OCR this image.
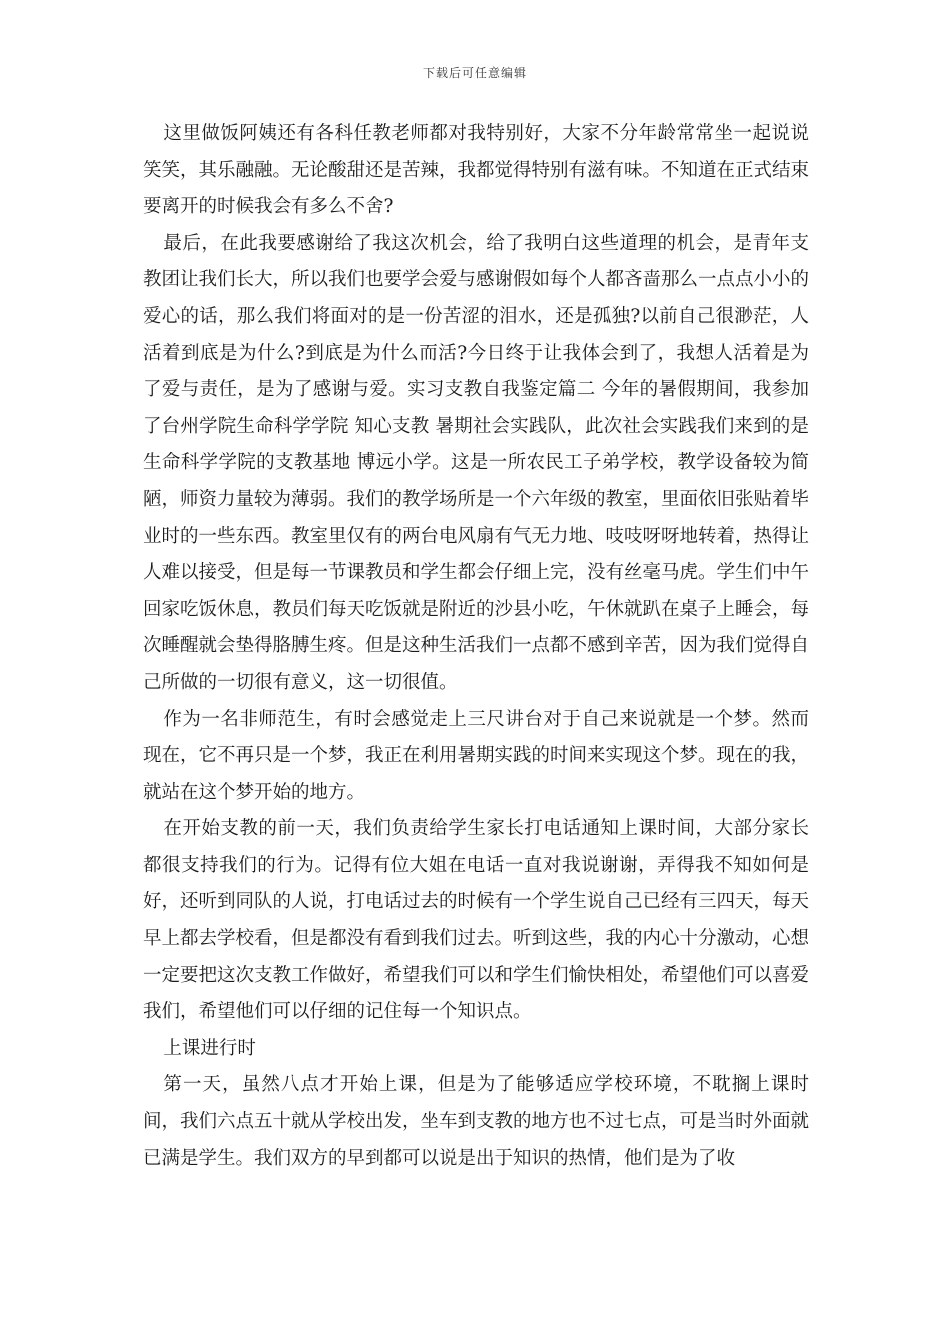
下载后可任意编辑

这里做饭阿姨还有各科任教老师都对我特别好，大家不分年龄常常坐一起说说笑笑，其乐融融。无论酸甜还是苦辣，我都觉得特别有滋有味。不知道在正式结束要离开的时候我会有多么不舍?

最后，在此我要感谢给了我这次机会，给了我明白这些道理的机会，是青年支教团让我们长大，所以我们也要学会爱与感谢假如每个人都吝啬那么一点点小小的爱心的话，那么我们将面对的是一份苦涩的泪水，还是孤独?以前自己很渺茫，人活着到底是为什么?到底是为什么而活?今日终于让我体会到了，我想人活着是为了爱与责任，是为了感谢与爱。实习支教自我鉴定篇二 今年的暑假期间，我参加了台州学院生命科学学院 知心支教 暑期社会实践队，此次社会实践我们来到的是生命科学学院的支教基地 博远小学。这是一所农民工子弟学校，教学设备较为简陋，师资力量较为薄弱。我们的教学场所是一个六年级的教室，里面依旧张贴着毕业时的一些东西。教室里仅有的两台电风扇有气无力地、吱吱呀呀地转着，热得让人难以接受，但是每一节课教员和学生都会仔细上完，没有丝毫马虎。学生们中午回家吃饭休息，教员们每天吃饭就是附近的沙县小吃，午休就趴在桌子上睡会，每次睡醒就会垫得胳膊生疼。但是这种生活我们一点都不感到辛苦，因为我们觉得自己所做的一切很有意义，这一切很值。

作为一名非师范生，有时会感觉走上三尺讲台对于自己来说就是一个梦。然而现在，它不再只是一个梦，我正在利用暑期实践的时间来实现这个梦。现在的我，就站在这个梦开始的地方。

在开始支教的前一天，我们负责给学生家长打电话通知上课时间，大部分家长都很支持我们的行为。记得有位大姐在电话一直对我说谢谢，弄得我不知如何是好，还听到同队的人说，打电话过去的时候有一个学生说自己已经有三四天，每天早上都去学校看，但是都没有看到我们过去。听到这些，我的内心十分激动，心想一定要把这次支教工作做好，希望我们可以和学生们愉快相处，希望他们可以喜爱我们，希望他们可以仔细的记住每一个知识点。

上课进行时

第一天，虽然八点才开始上课，但是为了能够适应学校环境，不耽搁上课时间，我们六点五十就从学校出发，坐车到支教的地方也不过七点，可是当时外面就已满是学生。我们双方的早到都可以说是出于知识的热情，他们是为了收
